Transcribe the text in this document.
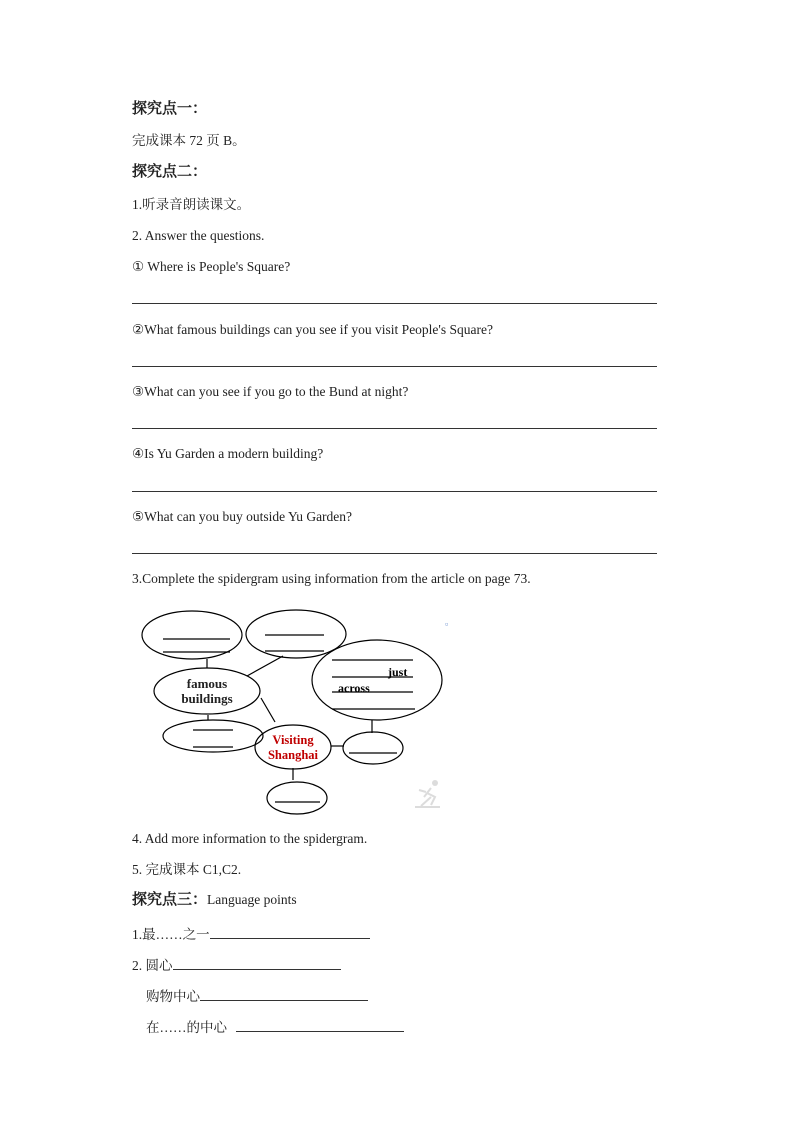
探究点一：
完成课本 72 页 B。
探究点二：
1.听录音朗读课文。
2. Answer the questions.
① Where is People's Square?
②What famous buildings can you see if you visit People's Square?
③What can you see if you go to the Bund at night?
④Is Yu Garden a modern building?
⑤What can you buy outside Yu Garden?
3.Complete the spidergram using information from the article on page 73.
just
across
famous
buildings
Visiting
Shanghai
▫
4. Add more information to the spidergram.
5. 完成课本 C1,C2.
探究点三：Language points
1.最……之一
2. 圆心
购物中心
在……的中心
